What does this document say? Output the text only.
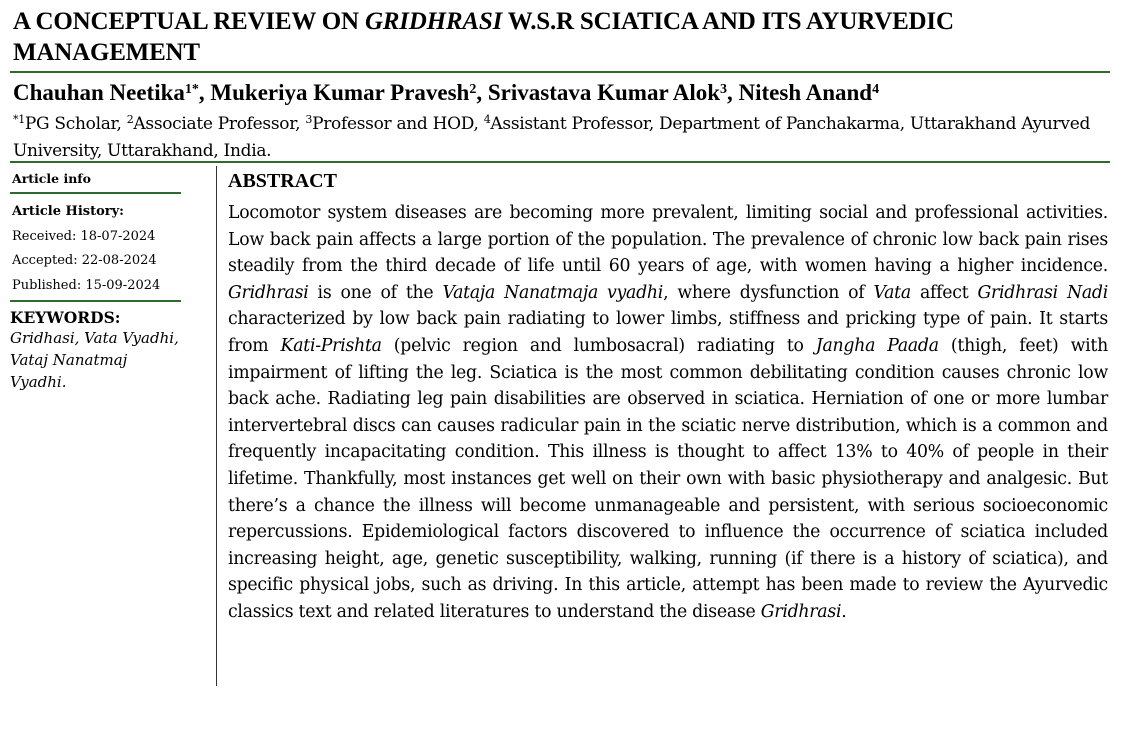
A CONCEPTUAL REVIEW ON GRIDHRASI W.S.R SCIATICA AND ITS AYURVEDIC MANAGEMENT
Chauhan Neetika$^{1*}$, Mukeriya Kumar Pravesh$^2$, Srivastava Kumar Alok$^3$, Nitesh Anand$^4$
$^{*1}$PG Scholar, $^2$Associate Professor, $^3$Professor and HOD, $^4$Assistant Professor, Department of Panchakarma, Uttarakhand Ayurved University, Uttarakhand, India.
Article info
Article History:
Received: 18-07-2024
Accepted: 22-08-2024
Published: 15-09-2024
KEYWORDS:
Gridhasi, Vata Vyadhi, Vataj Nanatmaj Vyadhi.
ABSTRACT

Locomotor system diseases are becoming more prevalent, limiting social and professional activities. Low back pain affects a large portion of the population. The prevalence of chronic low back pain rises steadily from the third decade of life until 60 years of age, with women having a higher incidence. Gridhrasi is one of the Vataja Nanatmaja vyadhi, where dysfunction of Vata affect Gridhrasi Nadi characterized by low back pain radiating to lower limbs, stiffness and pricking type of pain. It starts from Kati-Prishta (pelvic region and lumbosacral) radiating to Jangha Paada (thigh, feet) with impairment of lifting the leg. Sciatica is the most common debilitating condition causes chronic low back ache. Radiating leg pain disabilities are observed in sciatica. Herniation of one or more lumbar intervertebral discs can causes radicular pain in the sciatic nerve distribution, which is a common and frequently incapacitating condition. This illness is thought to affect 13% to 40% of people in their lifetime. Thankfully, most instances get well on their own with basic physiotherapy and analgesic. But there’s a chance the illness will become unmanageable and persistent, with serious socioeconomic repercussions. Epidemiological factors discovered to influence the occurrence of sciatica included increasing height, age, genetic susceptibility, walking, running (if there is a history of sciatica), and specific physical jobs, such as driving. In this article, attempt has been made to review the Ayurvedic classics text and related literatures to understand the disease Gridhrasi.
